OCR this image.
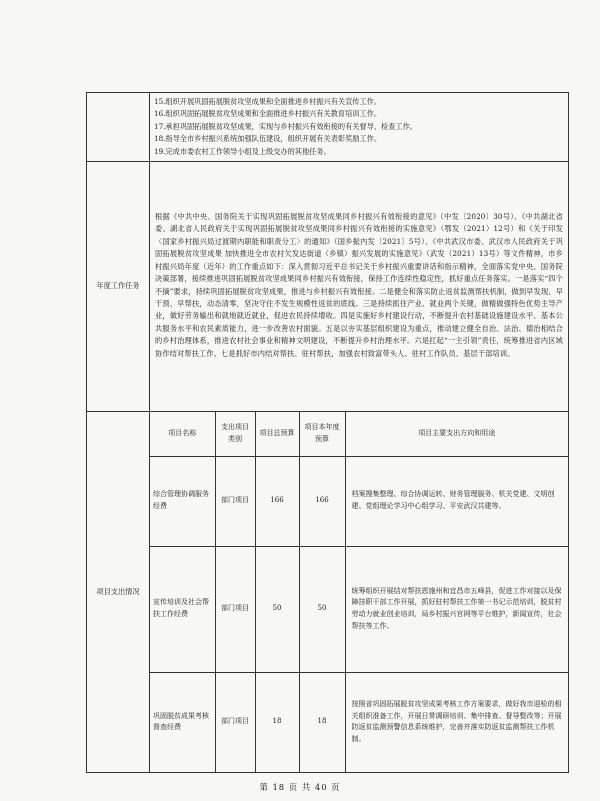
15.组织开展巩固拓展脱贫攻坚成果和全面推进乡村振兴有关宣传工作。
16.组织巩固拓展脱贫攻坚成果和全面推进乡村振兴有关教育培训工作。
17.承担巩固拓展脱贫攻坚成果，实现与乡村振兴有效衔接的有关督导、检查工作。
18.指导全市乡村振兴系统加强队伍建设，组织开展有关表彰奖励工作。
19.完成市委农村工作领导小组及上级交办的其他任务。

年度工作任务	

根据《中共中央、国务院关于实现巩固拓展脱贫攻坚成果同乡村振兴有效衔接的意见》（中发〔2020〕30号）、《中共湖北省委、湖北省人民政府关于实现巩固拓展脱贫攻坚成果同乡村振兴有效衔接的实施意见》（鄂发（2021）12号）和《关于印发〈国家乡村振兴局过渡期内职能和职责分工〉的通知》（国乡振内发〔2021〕5号）、《中共武汉市委、武汉市人民政府关于巩固拓展脱贫攻坚成果 加快推进全市农村欠发达街道（乡镇）振兴发展的实施意见》（武发（2021）13号）等文件精神，市乡村振兴局年度（近年）的工作重点如下：深入贯彻习近平总书记关于乡村振兴重要讲话和指示精神，全面落实党中央、国务院决策部署，接续推进巩固拓展脱贫攻坚成果同乡村振兴有效衔接，保持工作连续性稳定性，抓好重点任务落实。一是落实“四个不摘”要求，持续巩固拓展脱贫攻坚成果，推进与乡村振兴有效衔接。二是健全和落实防止返贫监测帮扶机制，做到早发现、早干预、早帮扶，动态清零，坚决守住不发生规模性返贫的底线。三是持续抓住产业、就业两个关键，做精做强特色优势主导产业，做好劳务输出和就地就近就业，促进农民持续增收。四是实施好乡村建设行动，不断提升农村基础设施建设水平、基本公共服务水平和农民素质能力，进一步改善农村面貌。五是以夯实基层组织建设为重点，推动建立健全自治、法治、德治相结合的乡村治理体系，推进农村社会事业和精神文明建设，不断提升乡村治理水平。六是扛起“一主引领”责任，统筹推进省内区域协作结对帮扶工作。七是抓好市内结对帮扶、驻村帮扶，加强农村致富带头人、驻村工作队员、基层干部培训。

项目支出情况	
项目名称	支出项目类别	项目总预算	项目本年度预算	项目主要支出方向和用途
综合管理协调服务经费	部门项目	166	166	档案搜集整理、综合协调运转、财务管理服务、机关党建、文明创建、党组理论学习中心组学习、平安武汉共建等。
宣传培训及社会帮扶工作经费	部门项目	50	50	统筹组织开展结对帮扶恩施州和宜昌市五峰县，促进工作对接以及保障挂职干部工作开展，抓好驻村帮扶工作第一书记示范培训，脱贫村劳动力就业创业培训，局乡村振兴官网等平台维护，新闻宣传，社会帮扶等工作。
巩固脱贫成果考核督查经费	部门项目	18	18	按照省巩固拓展脱贫攻坚成果考核工作方案要求，做好我市迎检的相关组织准备工作，开展日常调研培训、集中排查、督导整改等；开展防返贫监测预警信息系统维护，完善并落实防返贫监测帮扶工作机制。
第 18 页 共 40 页
